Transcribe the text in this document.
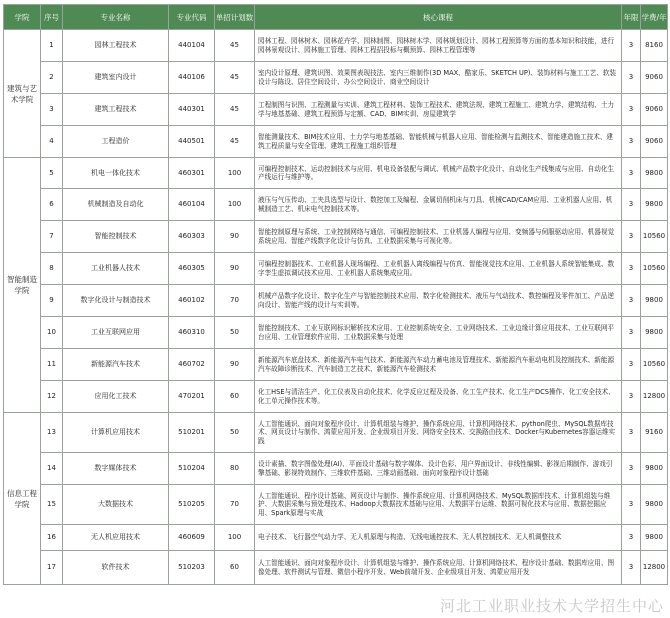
学院	序号	专业名称	专业代码	单招计划数	核心课程	年限	学费/年
建筑与艺术学院	1	园林工程技术	440104	45	园林工程、园林树木、园林花卉学、园林制图、园林树木学、园林规划设计、园林工程预算等方面的基本知识和技能，进行园林景观设计、园林施工管理、园林工程招投标与概预算、园林工程管理等	3	8160
	2	建筑室内设计	440106	45	室内设计原理、建筑识图、效果图表现技法、室内三维制作(3D MAX、酷家乐、SKETCH UP)、装饰材料与施工工艺、软装设计与陈设、居住空间设计、办公空间设计、商业空间设计	3	9060
	3	建筑工程技术	440301	45	工程制图与识图、工程测量与实训、建筑工程材料、装饰工程技术、建筑法规、建筑工程施工、建筑力学、建筑结构、土力学与地基基础、建筑工程预算与定额、CAD、BIM实训、房屋建筑学	3	9060
	4	工程造价	440501	45	智能测量技术、BIM技术应用、土力学与地基基础、智能机械与机器人应用、智能检测与监测技术、智能建造施工技术、建筑工程质量与安全管理、建筑工程施工组织管理	3	9060
智能制造学院	5	机电一体化技术	460301	100	可编程控制技术、运动控制技术与应用、机电设备装配与调试、机械产品数字化设计、自动化生产线集成与应用、自动化生产线运行与维护等。	3	9800
	6	机械制造及自动化	460104	100	液压与气压传动、工夹具选型与设计、数控加工及编程、金属切削机床与刀具、机械CAD/CAM应用、工业机器人应用、机械制造工艺、机床电气控制技术等。	3	9800
	7	智能控制技术	460303	90	智能控制原理与系统、工业控制网络与通信、可编程控制技术、工业机器人编程与应用、变频器与伺服驱动应用、机器视觉系统应用、智能产线数字化设计与仿真、工业数据采集与可视化等。	3	10560
	8	工业机器人技术	460305	90	可编程控制器技术、工业机器人现场编程、工业机器人离线编程与仿真、智能视觉技术应用、工业机器人系统智能集成、数字孪生虚拟调试技术应用、工业机器人系统集成应用。	3	10560
	9	数字化设计与制造技术	460102	70	机械产品数字化设计、数字化生产与智能控制技术应用、数字化检测技术、液压与气动技术、数控编程及零件加工、产品逆向设计、智能产线的设计与实训等。	3	9800
	10	工业互联网应用	460310	50	智能控制技术、工业互联网标识解析技术应用、工业控制系统安全、工业网络技术、工业边缘计算应用技术、工业互联网平台应用、工业管理软件应用、工业数据采集与处理	3	9800
	11	新能源汽车技术	460702	90	新能源汽车底盘技术、新能源汽车电气技术、新能源汽车动力蓄电池及管理技术、新能源汽车驱动电机及控制技术、新能源汽车故障诊断技术、汽车制造工艺技术、新能源汽车检测技术	3	10560
	12	应用化工技术	470201	60	化工HSE与清洁生产、化工仪表及自动化技术、化学反应过程及设备、化工生产技术、化工生产DCS操作、化工安全技术、化工单元操作技术等。	3	12800
信息工程学院	13	计算机应用技术	510201	50	人工智能通识、面向对象程序设计、计算机组装与维护、操作系统应用、计算机网络技术、python爬虫、MySQL数据库技术、网页设计与制作、鸿蒙应用开发、企业级项目开发、网络安全技术、交换路由技术、Docker与Kubernetes容器运维实践	3	9160
	14	数字媒体技术	510204	80	设计素描、数字图像处理(AI)、平面设计基础与数字媒体、设计色彩、用户界面设计、非线性编辑、影视后期制作、游戏引擎基础、影视特效制作、三维软件基础、三维动画基础、面向对象程序设计基础	3	9800
	15	大数据技术	510205	70	人工智能通识、程序设计基础、网页设计与制作、操作系统应用、计算机网络技术、MySQL数据库技术、计算机组装与维护、大数据采集与预处理技术、Hadoop大数据技术基础与应用、大数据平台运维、数据可视化技术与应用、数据挖掘应用、Spark原理与实战	3	9800
	16	无人机应用技术	460609	100	电子技术、飞行器空气动力学、无人机原理与构造、无线电通控技术、无人机控制技术、无人机调整技术	3	9800
	17	软件技术	510203	60	人工智能通识、面向对象程序设计、计算机组装与维护、操作系统应用、计算机网络技术、程序设计基础、数据库应用、图像处理、软件测试与管理、微信小程序开发、Web前端开发、企业级项目开发、鸿蒙应用开发	3	12800
河北工业职业技术大学招生中心
